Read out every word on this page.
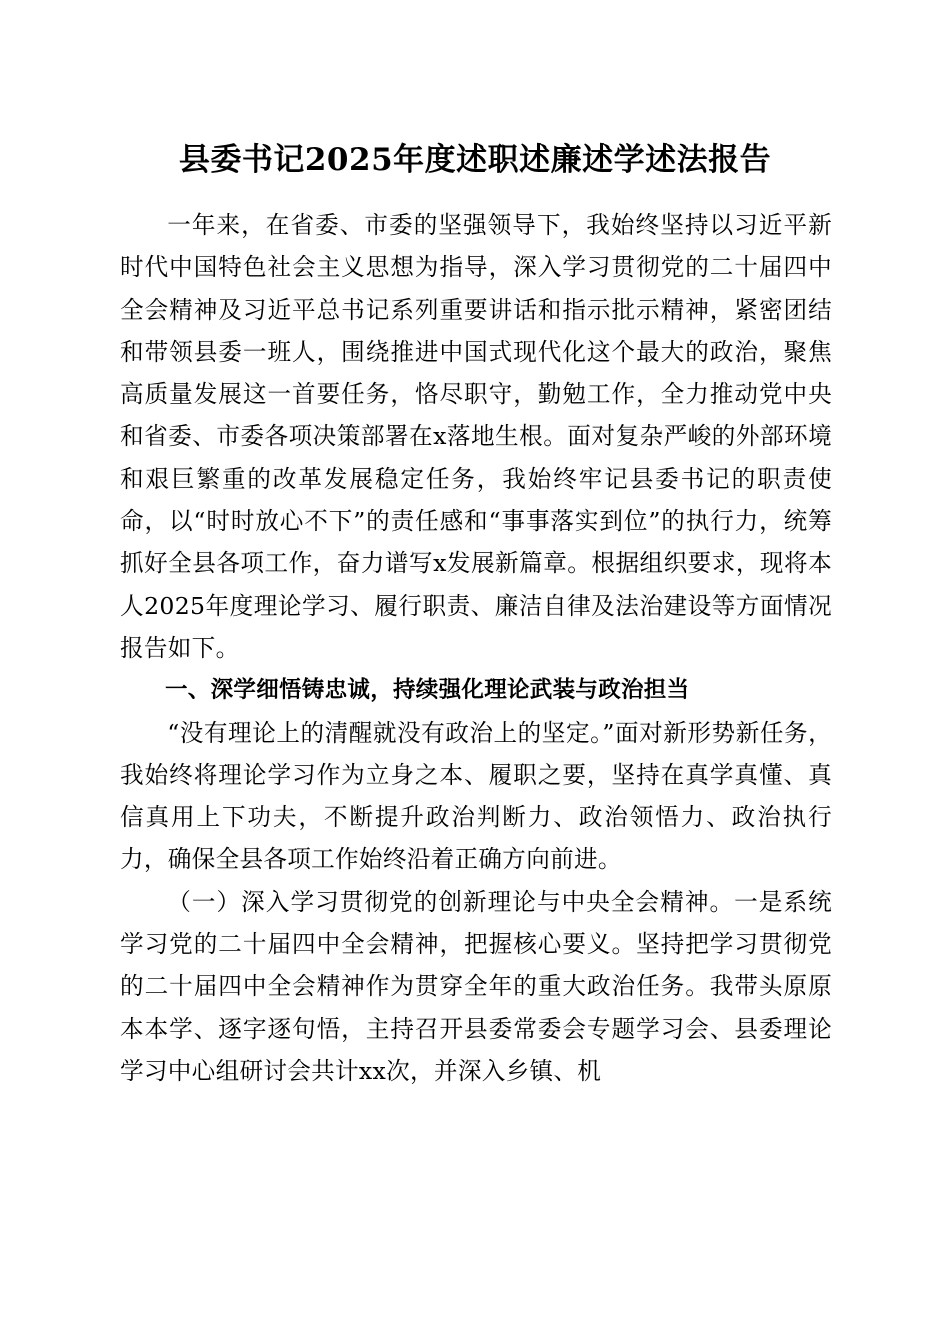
县委书记2025年度述职述廉述学述法报告

一年来，在省委、市委的坚强领导下，我始终坚持以习近平新时代中国特色社会主义思想为指导，深入学习贯彻党的二十届四中全会精神及习近平总书记系列重要讲话和指示批示精神，紧密团结和带领县委一班人，围绕推进中国式现代化这个最大的政治，聚焦高质量发展这一首要任务，恪尽职守，勤勉工作，全力推动党中央和省委、市委各项决策部署在x落地生根。面对复杂严峻的外部环境和艰巨繁重的改革发展稳定任务，我始终牢记县委书记的职责使命，以“时时放心不下”的责任感和“事事落实到位”的执行力，统筹抓好全县各项工作，奋力谱写x发展新篇章。根据组织要求，现将本人2025年度理论学习、履行职责、廉洁自律及法治建设等方面情况报告如下。

一、深学细悟铸忠诚，持续强化理论武装与政治担当

“没有理论上的清醒就没有政治上的坚定。”面对新形势新任务，我始终将理论学习作为立身之本、履职之要，坚持在真学真懂、真信真用上下功夫，不断提升政治判断力、政治领悟力、政治执行力，确保全县各项工作始终沿着正确方向前进。

（一）深入学习贯彻党的创新理论与中央全会精神。一是系统学习党的二十届四中全会精神，把握核心要义。坚持把学习贯彻党的二十届四中全会精神作为贯穿全年的重大政治任务。我带头原原本本学、逐字逐句悟，主持召开县委常委会专题学习会、县委理论学习中心组研讨会共计xx次，并深入乡镇、机
